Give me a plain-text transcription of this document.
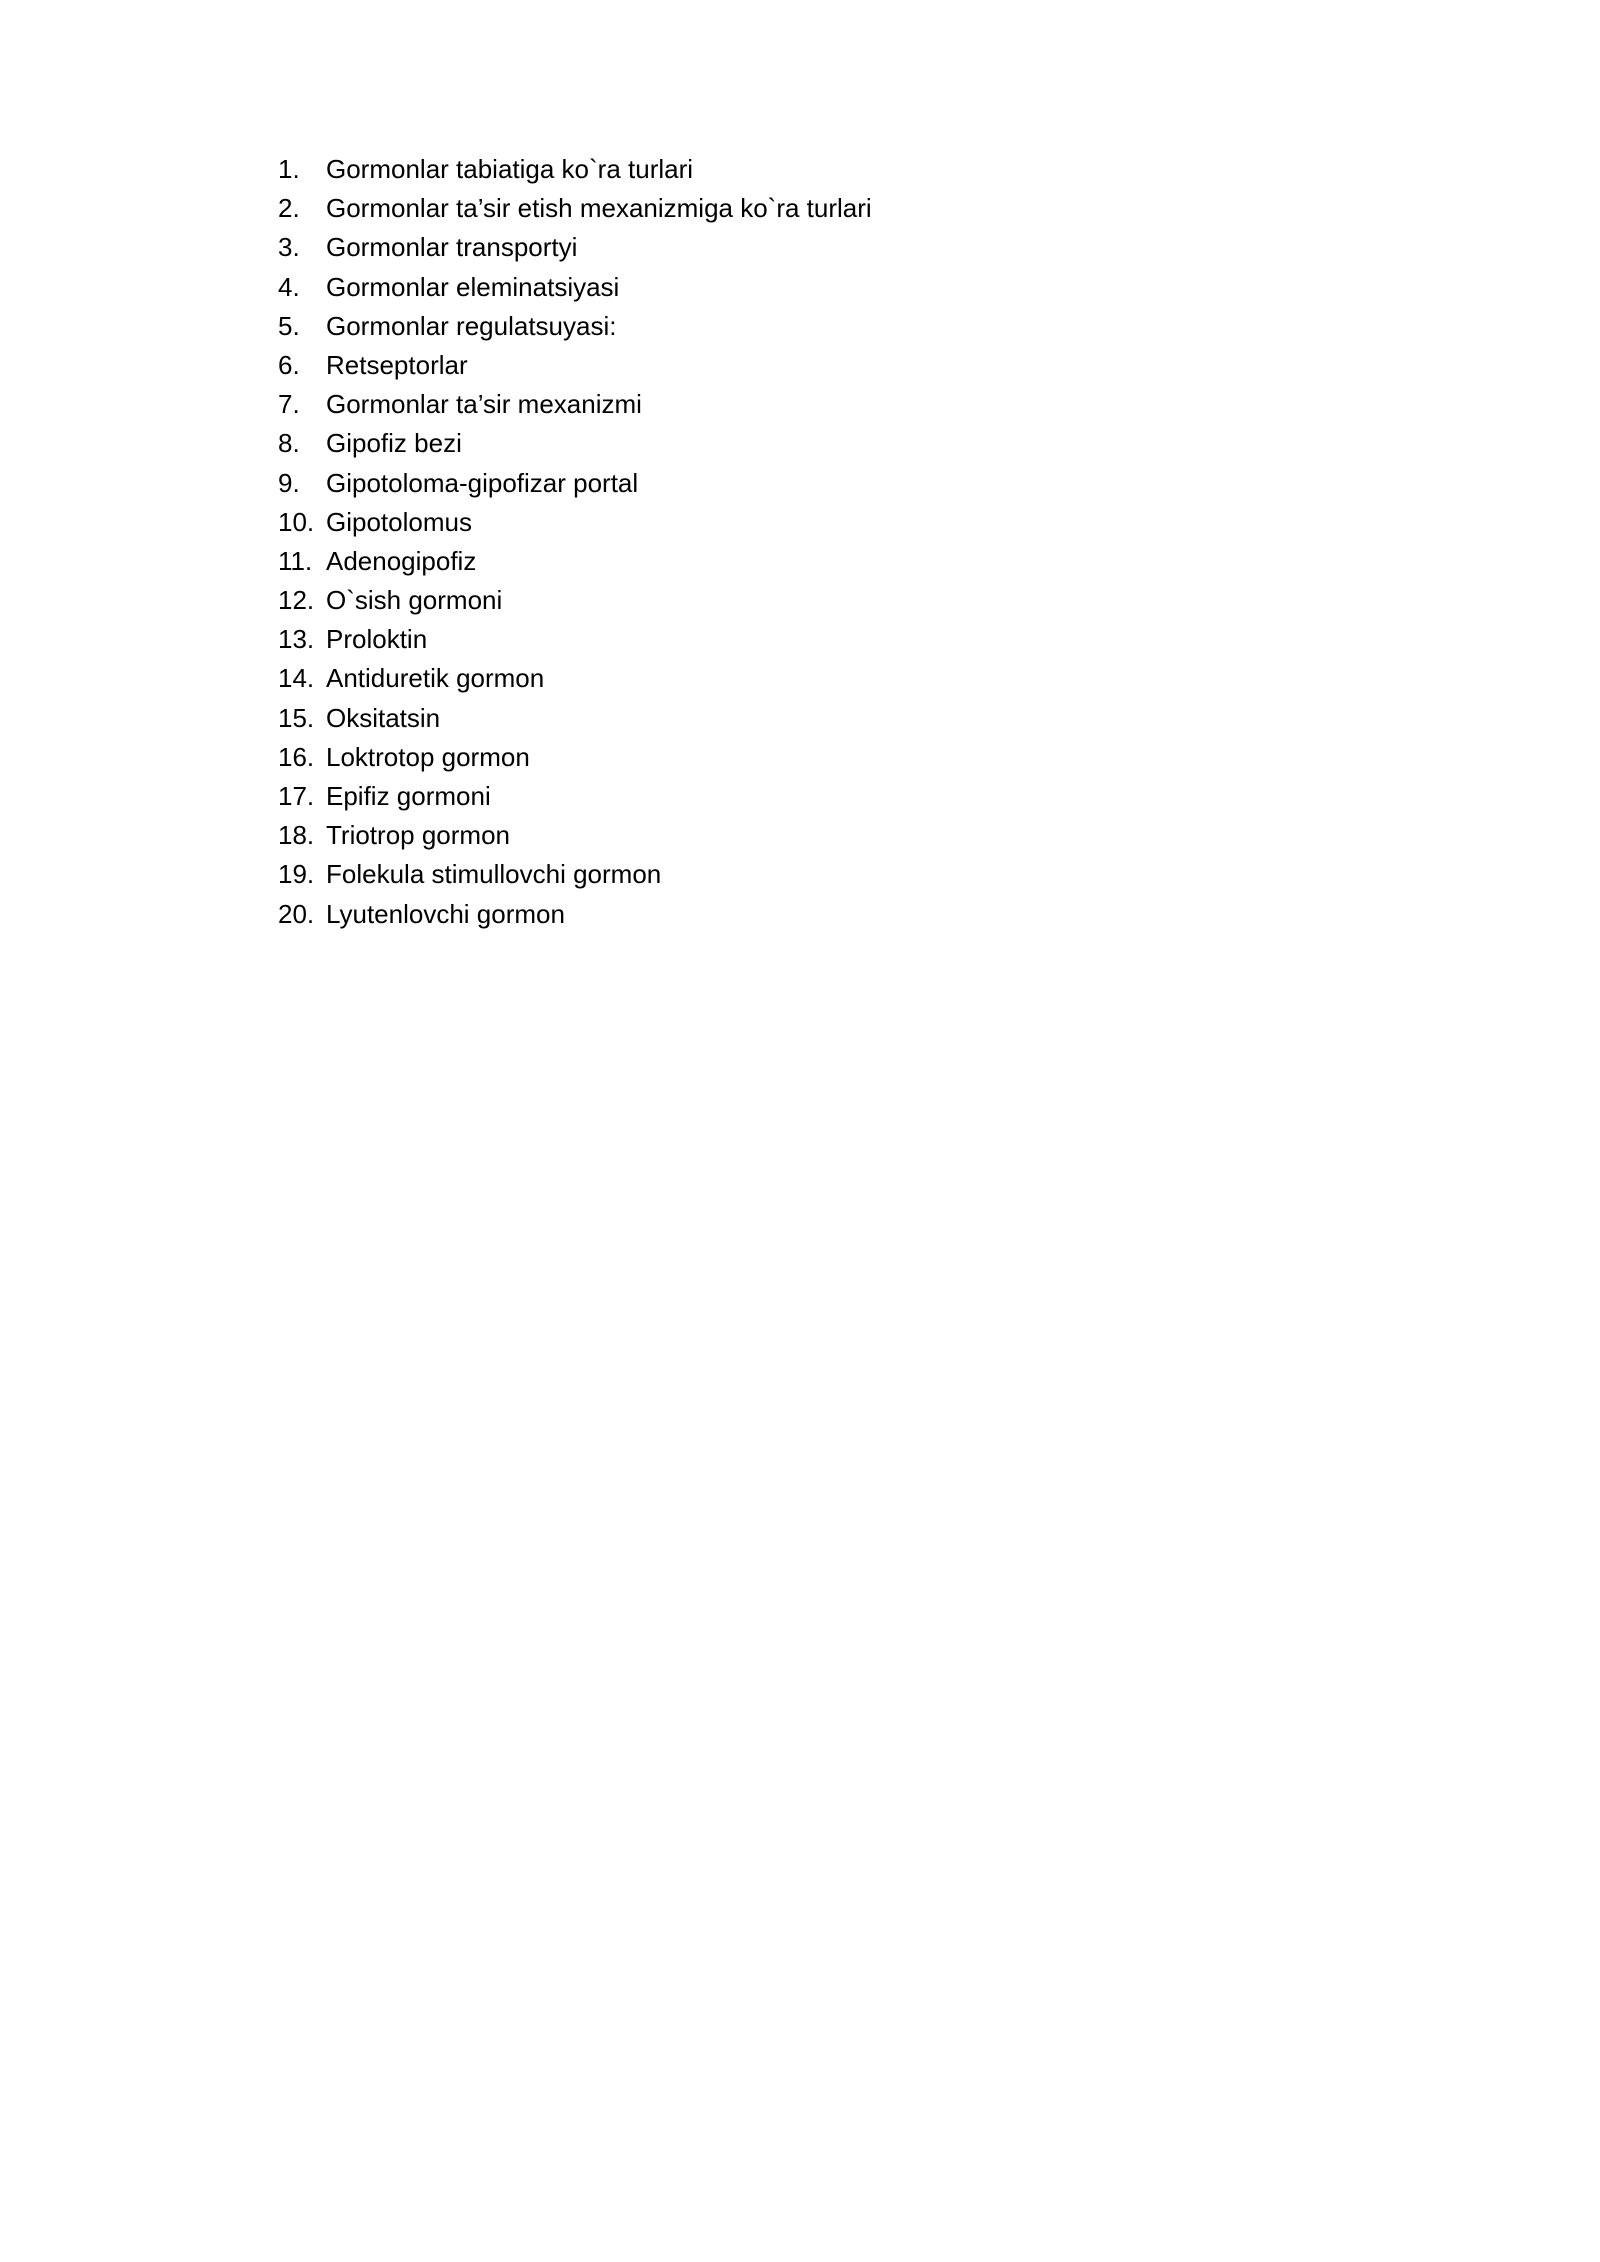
1.	Gormonlar tabiatiga ko`ra turlari
2.	Gormonlar ta’sir etish mexanizmiga ko`ra turlari
3.	Gormonlar transportyi
4.	Gormonlar eleminatsiyasi
5.	Gormonlar regulatsuyasi:
6.	Retseptorlar
7.	Gormonlar ta’sir mexanizmi
8.	Gipofiz bezi
9.	Gipotoloma-gipofizar portal
10. Gipotolomus
11. Adenogipofiz
12. O`sish gormoni
13. Proloktin
14. Antiduretik gormon
15. Oksitatsin
16. Loktrotop gormon
17. Epifiz gormoni
18. Triotrop gormon
19. Folekula stimullovchi gormon
20. Lyutenlovchi gormon
